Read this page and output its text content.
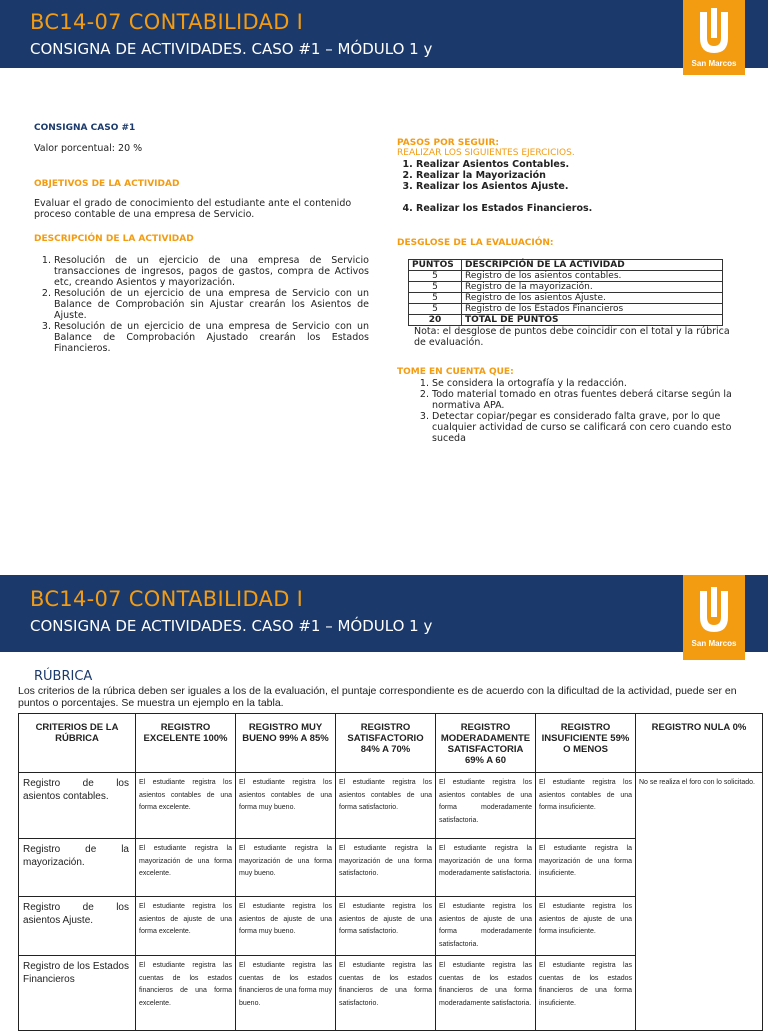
BC14-07 CONTABILIDAD I
CONSIGNA DE ACTIVIDADES. CASO #1 – MÓDULO 1 y
San Marcos
CONSIGNA CASO #1
Valor porcentual: 20 %
OBJETIVOS DE LA ACTIVIDAD
Evaluar el grado de conocimiento del estudiante ante el contenido proceso contable de una empresa de Servicio.
DESCRIPCIÓN DE LA ACTIVIDAD
1. Resolución de un ejercicio de una empresa de Servicio transacciones de ingresos, pagos de gastos, compra de Activos etc, creando Asientos y mayorización.
2. Resolución de un ejercicio de una empresa de Servicio con un Balance de Comprobación sin Ajustar crearán los Asientos de Ajuste.
3. Resolución de un ejercicio de una empresa de Servicio con un Balance de Comprobación Ajustado crearán los Estados Financieros.
PASOS POR SEGUIR:
REALIZAR LOS SIGUIENTES EJERCICIOS.
1. Realizar Asientos Contables.
2. Realizar la Mayorización
3. Realizar los Asientos Ajuste.
4. Realizar los Estados Financieros.
DESGLOSE DE LA EVALUACIÓN:
PUNTOS	DESCRIPCIÓN DE LA ACTIVIDAD
5	Registro de los asientos contables.
5	Registro de la mayorización.
5	Registro de los asientos Ajuste.
5	Registro de los Estados Financieros
20	TOTAL DE PUNTOS
Nota: el desglose de puntos debe coincidir con el total y la rúbrica de evaluación.
TOME EN CUENTA QUE:
1. Se considera la ortografía y la redacción.
2. Todo material tomado en otras fuentes deberá citarse según la normativa APA.
3. Detectar copiar/pegar es considerado falta grave, por lo que cualquier actividad de curso se calificará con cero cuando esto suceda
BC14-07 CONTABILIDAD I
CONSIGNA DE ACTIVIDADES. CASO #1 – MÓDULO 1 y
San Marcos
RÚBRICA
Los criterios de la rúbrica deben ser iguales a los de la evaluación, el puntaje correspondiente es de acuerdo con la dificultad de la actividad, puede ser en puntos o porcentajes. Se muestra un ejemplo en la tabla.
CRITERIOS DE LA RÚBRICA	REGISTRO EXCELENTE 100%	REGISTRO MUY BUENO 99% A 85%	REGISTRO SATISFACTORIO 84% A 70%	REGISTRO MODERADAMENTE SATISFACTORIA 69% A 60	REGISTRO INSUFICIENTE 59% O MENOS	REGISTRO NULA 0%
Registro de los asientos contables.	El estudiante registra los asientos contables de una forma excelente.	El estudiante registra los asientos contables de una forma muy bueno.	El estudiante registra los asientos contables de una forma satisfactorio.	El estudiante registra los asientos contables de una forma moderadamente satisfactoria.	El estudiante registra los asientos contables de una forma insuficiente.	No se realiza el foro con lo solicitado.
Registro de la mayorización.	El estudiante registra la mayorización de una forma excelente.	El estudiante registra la mayorización de una forma muy bueno.	El estudiante registra la mayorización de una forma satisfactorio.	El estudiante registra la mayorización de una forma moderadamente satisfactoria.	El estudiante registra la mayorización de una forma insuficiente.	
Registro de los asientos Ajuste.	El estudiante registra los asientos de ajuste de una forma excelente.	El estudiante registra los asientos de ajuste de una forma muy bueno.	El estudiante registra los asientos de ajuste de una forma satisfactorio.	El estudiante registra los asientos de ajuste de una forma moderadamente satisfactoria.	El estudiante registra los asientos de ajuste de una forma insuficiente.	
Registro de los Estados Financieros	El estudiante registra las cuentas de los estados financieros de una forma excelente.	El estudiante registra las cuentas de los estados financieros de una forma muy bueno.	El estudiante registra las cuentas de los estados financieros de una forma satisfactorio.	El estudiante registra las cuentas de los estados financieros de una forma moderadamente satisfactoria.	El estudiante registra las cuentas de los estados financieros de una forma insuficiente.	
